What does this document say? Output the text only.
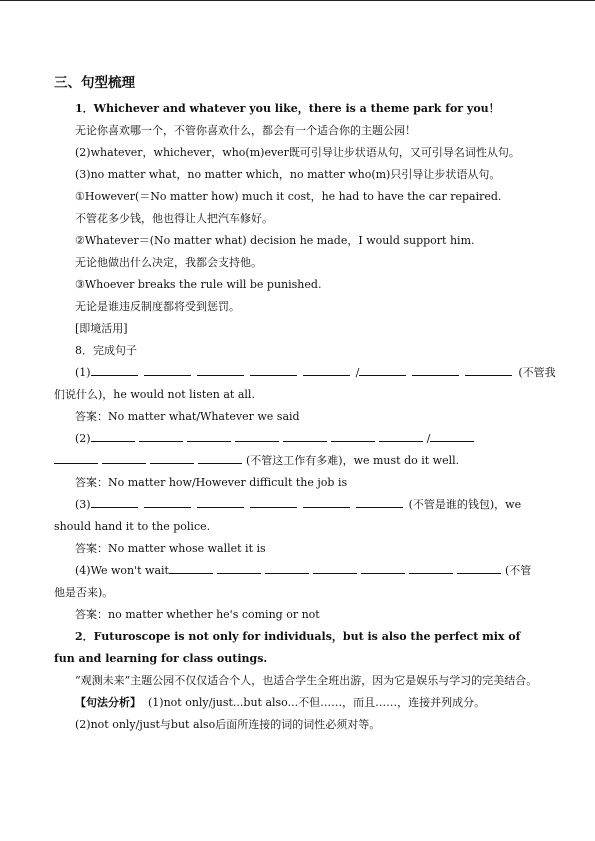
三、句型梳理
1．Whichever and whatever you like，there is a theme park for you！
无论你喜欢哪一个，不管你喜欢什么，都会有一个适合你的主题公园！
(2)whatever，whichever，who(m)ever既可引导让步状语从句，又可引导名词性从句。
(3)no matter what，no matter which，no matter who(m)只引导让步状语从句。
①However(＝No matter how) much it cost，he had to have the car repaired.
不管花多少钱，他也得让人把汽车修好。
②Whatever＝(No matter what) decision he made，I would support him.
无论他做出什么决定，我都会支持他。
③Whoever breaks the rule will be punished.
无论是谁违反制度都将受到惩罚。
[即境活用]
8．完成句子
(1)	/	(不管我
们说什么)，he would not listen at all.
答案：No matter what/Whatever we said
(2)	/
(不管这工作有多难)，we must do it well.
答案：No matter how/However difficult the job is
(3)	(不管是谁的钱包)，we
should hand it to the police.
答案：No matter whose wallet it is
(4)We won't wait	(不管
他是否来)。
答案：no matter whether he's coming or not
2．Futuroscope is not only for individuals，but is also the perfect mix of fun and learning for class outings.
“观测未来”主题公园不仅仅适合个人，也适合学生全班出游，因为它是娱乐与学习的完美结合。
【句法分析】 (1)not only/just...but also...不但……，而且……，连接并列成分。
(2)not only/just与but also后面所连接的词的词性必须对等。
